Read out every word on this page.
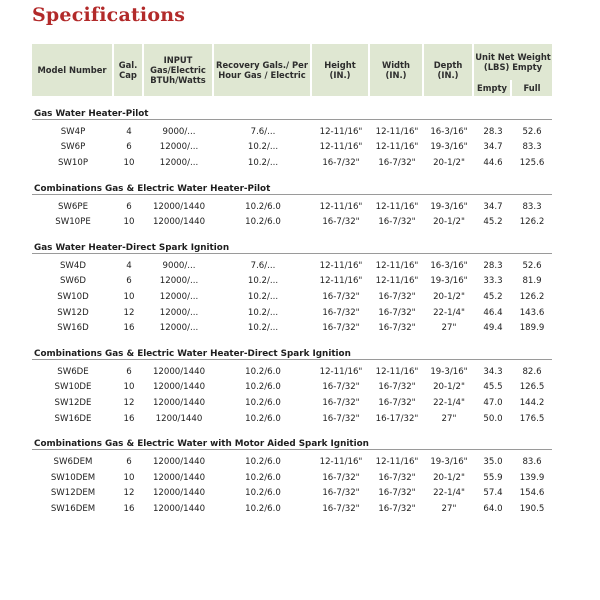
Specifications
Model Number	Gal. Cap	INPUT Gas/Electric BTUh/Watts	Recovery Gals./ Per Hour Gas / Electric	Height (IN.)	Width (IN.)	Depth (IN.)	Unit Net Weight (LBS) Empty	
							Empty	Full

Gas Water Heater-Pilot								

SW4P	4	9000/...	7.6/...	12-11/16"	12-11/16"	16-3/16"	28.3	52.6
SW6P	6	12000/...	10.2/...	12-11/16"	12-11/16"	19-3/16"	34.7	83.3
SW10P	10	12000/...	10.2/...	16-7/32"	16-7/32"	20-1/2"	44.6	125.6

Combinations Gas & Electric Water Heater-Pilot								

SW6PE	6	12000/1440	10.2/6.0	12-11/16"	12-11/16"	19-3/16"	34.7	83.3
SW10PE	10	12000/1440	10.2/6.0	16-7/32"	16-7/32"	20-1/2"	45.2	126.2

Gas Water Heater-Direct Spark Ignition								

SW4D	4	9000/...	7.6/...	12-11/16"	12-11/16"	16-3/16"	28.3	52.6
SW6D	6	12000/...	10.2/...	12-11/16"	12-11/16"	19-3/16"	33.3	81.9
SW10D	10	12000/...	10.2/...	16-7/32"	16-7/32"	20-1/2"	45.2	126.2
SW12D	12	12000/...	10.2/...	16-7/32"	16-7/32"	22-1/4"	46.4	143.6
SW16D	16	12000/...	10.2/...	16-7/32"	16-7/32"	27"	49.4	189.9

Combinations Gas & Electric Water Heater-Direct Spark Ignition								

SW6DE	6	12000/1440	10.2/6.0	12-11/16"	12-11/16"	19-3/16"	34.3	82.6
SW10DE	10	12000/1440	10.2/6.0	16-7/32"	16-7/32"	20-1/2"	45.5	126.5
SW12DE	12	12000/1440	10.2/6.0	16-7/32"	16-7/32"	22-1/4"	47.0	144.2
SW16DE	16	1200/1440	10.2/6.0	16-7/32"	16-17/32"	27"	50.0	176.5

Combinations Gas & Electric Water with Motor Aided Spark Ignition								

SW6DEM	6	12000/1440	10.2/6.0	12-11/16"	12-11/16"	19-3/16"	35.0	83.6
SW10DEM	10	12000/1440	10.2/6.0	16-7/32"	16-7/32"	20-1/2"	55.9	139.9
SW12DEM	12	12000/1440	10.2/6.0	16-7/32"	16-7/32"	22-1/4"	57.4	154.6
SW16DEM	16	12000/1440	10.2/6.0	16-7/32"	16-7/32"	27"	64.0	190.5
